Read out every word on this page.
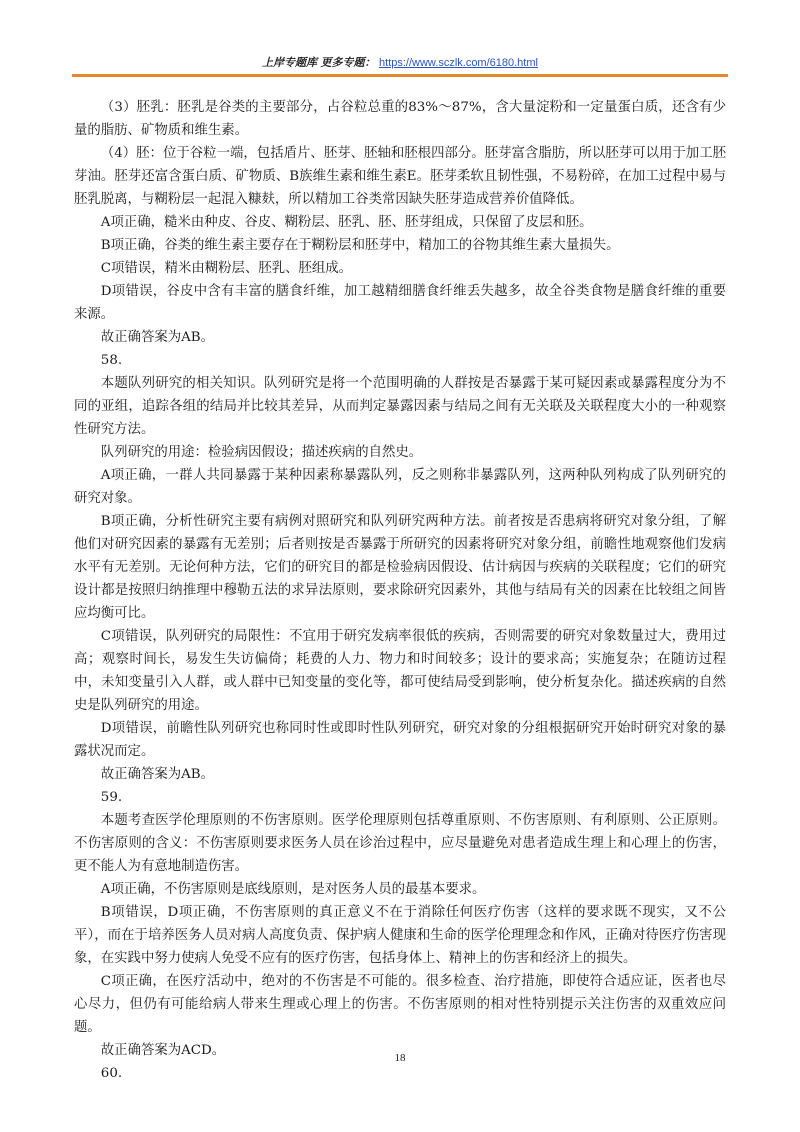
上岸专题库 更多专题： https://www.sczlk.com/6180.html

（3）胚乳：胚乳是谷类的主要部分，占谷粒总重的83%～87%，含大量淀粉和一定量蛋白质，还含有少量的脂肪、矿物质和维生素。

（4）胚：位于谷粒一端，包括盾片、胚芽、胚轴和胚根四部分。胚芽富含脂肪，所以胚芽可以用于加工胚芽油。胚芽还富含蛋白质、矿物质、B族维生素和维生素E。胚芽柔软且韧性强，不易粉碎，在加工过程中易与胚乳脱离，与糊粉层一起混入糠麸，所以精加工谷类常因缺失胚芽造成营养价值降低。

A项正确，糙米由种皮、谷皮、糊粉层、胚乳、胚、胚芽组成，只保留了皮层和胚。

B项正确，谷类的维生素主要存在于糊粉层和胚芽中，精加工的谷物其维生素大量损失。

C项错误，精米由糊粉层、胚乳、胚组成。

D项错误，谷皮中含有丰富的膳食纤维，加工越精细膳食纤维丢失越多，故全谷类食物是膳食纤维的重要来源。

故正确答案为AB。

58.

本题队列研究的相关知识。队列研究是将一个范围明确的人群按是否暴露于某可疑因素或暴露程度分为不同的亚组，追踪各组的结局并比较其差异，从而判定暴露因素与结局之间有无关联及关联程度大小的一种观察性研究方法。

队列研究的用途：检验病因假设；描述疾病的自然史。

A项正确，一群人共同暴露于某种因素称暴露队列，反之则称非暴露队列，这两种队列构成了队列研究的研究对象。

B项正确，分析性研究主要有病例对照研究和队列研究两种方法。前者按是否患病将研究对象分组，了解他们对研究因素的暴露有无差别；后者则按是否暴露于所研究的因素将研究对象分组，前瞻性地观察他们发病水平有无差别。无论何种方法，它们的研究目的都是检验病因假设、估计病因与疾病的关联程度；它们的研究设计都是按照归纳推理中穆勒五法的求异法原则，要求除研究因素外，其他与结局有关的因素在比较组之间皆应均衡可比。

C项错误，队列研究的局限性：不宜用于研究发病率很低的疾病，否则需要的研究对象数量过大，费用过高；观察时间长，易发生失访偏倚；耗费的人力、物力和时间较多；设计的要求高；实施复杂；在随访过程中，未知变量引入人群，或人群中已知变量的变化等，都可使结局受到影响，使分析复杂化。描述疾病的自然史是队列研究的用途。

D项错误，前瞻性队列研究也称同时性或即时性队列研究，研究对象的分组根据研究开始时研究对象的暴露状况而定。

故正确答案为AB。

59.

本题考查医学伦理原则的不伤害原则。医学伦理原则包括尊重原则、不伤害原则、有利原则、公正原则。不伤害原则的含义：不伤害原则要求医务人员在诊治过程中，应尽量避免对患者造成生理上和心理上的伤害，更不能人为有意地制造伤害。

A项正确，不伤害原则是底线原则，是对医务人员的最基本要求。

B项错误，D项正确，不伤害原则的真正意义不在于消除任何医疗伤害（这样的要求既不现实，又不公平），而在于培养医务人员对病人高度负责、保护病人健康和生命的医学伦理理念和作风，正确对待医疗伤害现象，在实践中努力使病人免受不应有的医疗伤害，包括身体上、精神上的伤害和经济上的损失。

C项正确，在医疗活动中，绝对的不伤害是不可能的。很多检查、治疗措施，即使符合适应证，医者也尽心尽力，但仍有可能给病人带来生理或心理上的伤害。不伤害原则的相对性特别提示关注伤害的双重效应问题。

故正确答案为ACD。

60.

18
